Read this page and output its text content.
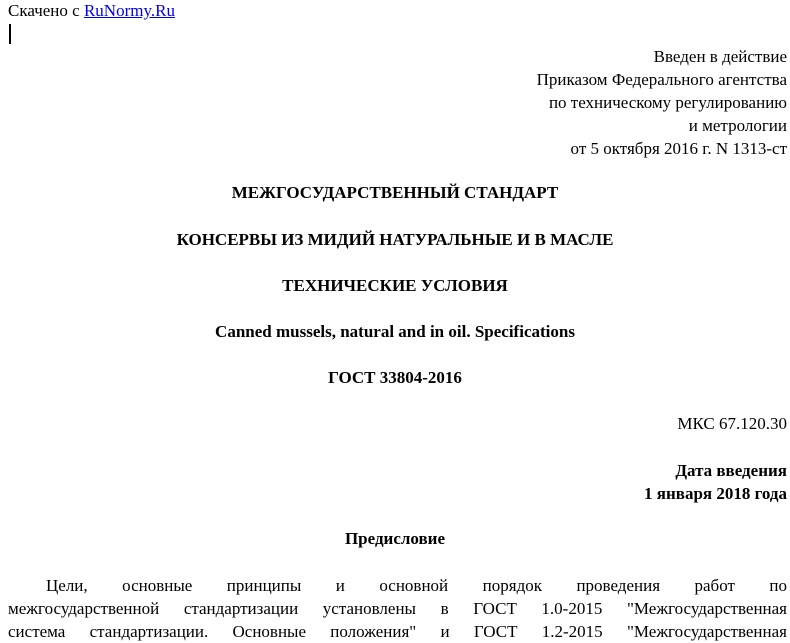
Скачено с RuNormy.Ru
Введен в действие
Приказом Федерального агентства
по техническому регулированию
и метрологии
от 5 октября 2016 г. N 1313-ст
МЕЖГОСУДАРСТВЕННЫЙ СТАНДАРТ
КОНСЕРВЫ ИЗ МИДИЙ НАТУРАЛЬНЫЕ И В МАСЛЕ
ТЕХНИЧЕСКИЕ УСЛОВИЯ
Canned mussels, natural and in oil. Specifications
ГОСТ 33804-2016
МКС 67.120.30
Дата введения
1 января 2018 года
Предисловие
Цели, основные принципы и основной порядок проведения работ по
межгосударственной стандартизации установлены в ГОСТ 1.0-2015 "Межгосударственная
система стандартизации. Основные положения" и ГОСТ 1.2-2015 "Межгосударственная
